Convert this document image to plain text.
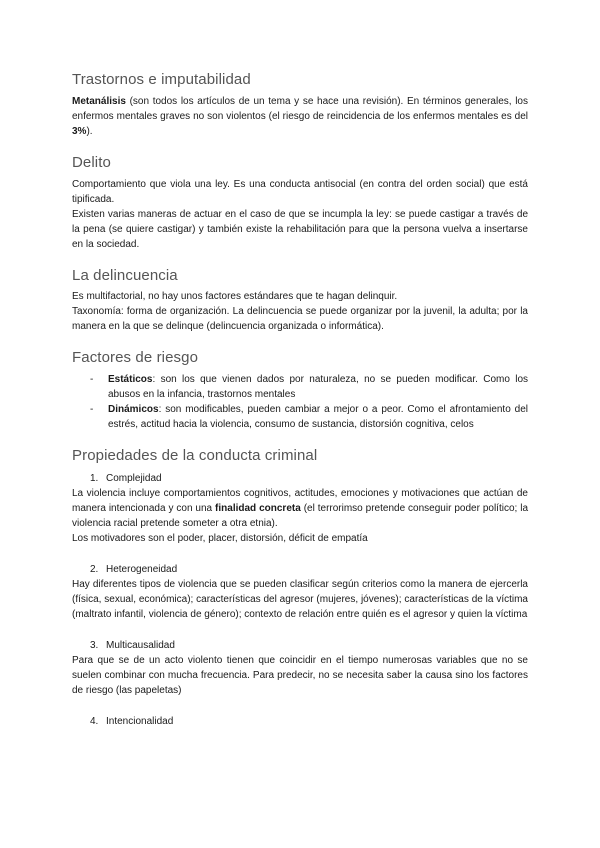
Trastornos e imputabilidad

Metanálisis (son todos los artículos de un tema y se hace una revisión). En términos generales, los enfermos mentales graves no son violentos (el riesgo de reincidencia de los enfermos mentales es del 3%).

Delito

Comportamiento que viola una ley. Es una conducta antisocial (en contra del orden social) que está tipificada.

Existen varias maneras de actuar en el caso de que se incumpla la ley: se puede castigar a través de la pena (se quiere castigar) y también existe la rehabilitación para que la persona vuelva a insertarse en la sociedad.

La delincuencia

Es multifactorial, no hay unos factores estándares que te hagan delinquir.

Taxonomía: forma de organización. La delincuencia se puede organizar por la juvenil, la adulta; por la manera en la que se delinque (delincuencia organizada o informática).

Factores de riesgo
- Estáticos: son los que vienen dados por naturaleza, no se pueden modificar. Como los abusos en la infancia, trastornos mentales
- Dinámicos: son modificables, pueden cambiar a mejor o a peor. Como el afrontamiento del estrés, actitud hacia la violencia, consumo de sustancia, distorsión cognitiva, celos
Propiedades de la conducta criminal
1. Complejidad

La violencia incluye comportamientos cognitivos, actitudes, emociones y motivaciones que actúan de manera intencionada y con una finalidad concreta (el terrorimso pretende conseguir poder político; la violencia racial pretende someter a otra etnia).

Los motivadores son el poder, placer, distorsión, déficit de empatía

2. Heterogeneidad

Hay diferentes tipos de violencia que se pueden clasificar según criterios como la manera de ejercerla (física, sexual, económica); características del agresor (mujeres, jóvenes); características de la víctima (maltrato infantil, violencia de género); contexto de relación entre quién es el agresor y quien la víctima

3. Multicausalidad

Para que se de un acto violento tienen que coincidir en el tiempo numerosas variables que no se suelen combinar con mucha frecuencia. Para predecir, no se necesita saber la causa sino los factores de riesgo (las papeletas)

4. Intencionalidad
